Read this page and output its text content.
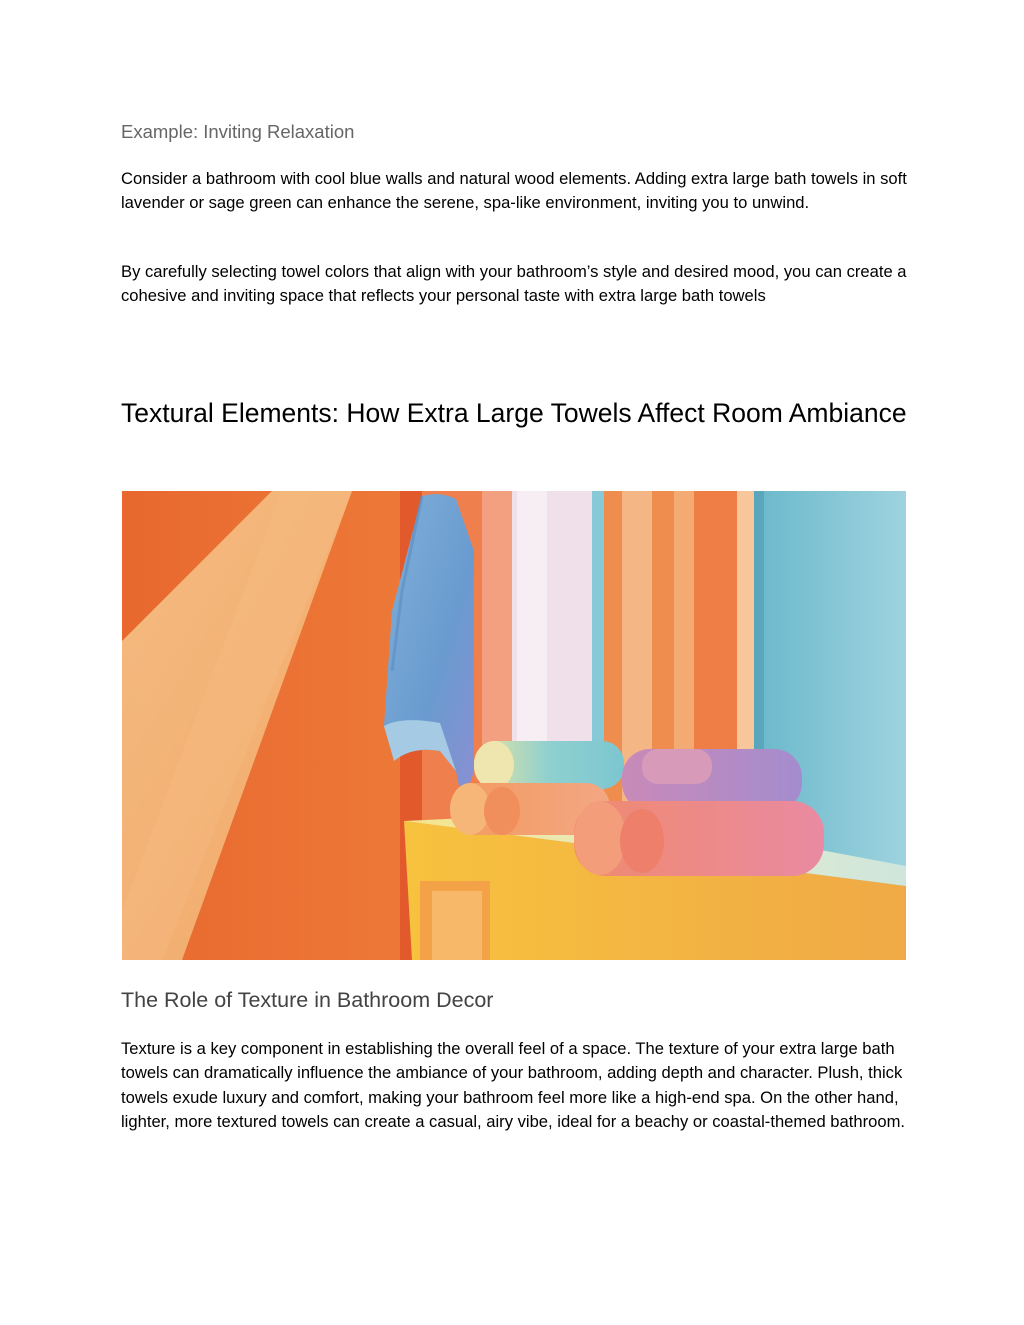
Example: Inviting Relaxation

Consider a bathroom with cool blue walls and natural wood elements. Adding extra large bath towels in soft lavender or sage green can enhance the serene, spa-like environment, inviting you to unwind.

By carefully selecting towel colors that align with your bathroom’s style and desired mood, you can create a cohesive and inviting space that reflects your personal taste with extra large bath towels

Textural Elements: How Extra Large Towels Affect Room Ambiance
The Role of Texture in Bathroom Decor

Texture is a key component in establishing the overall feel of a space. The texture of your extra large bath towels can dramatically influence the ambiance of your bathroom, adding depth and character. Plush, thick towels exude luxury and comfort, making your bathroom feel more like a high-end spa. On the other hand, lighter, more textured towels can create a casual, airy vibe, ideal for a beachy or coastal-themed bathroom.
